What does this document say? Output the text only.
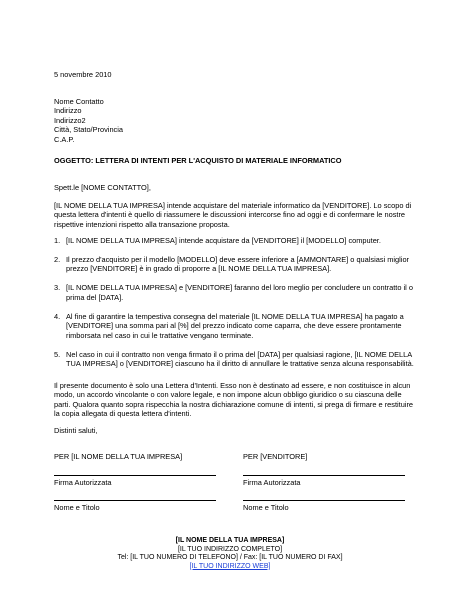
5 novembre 2010
Nome Contatto
Indirizzo
Indirizzo2
Città, Stato/Provincia
C.A.P.
OGGETTO: LETTERA DI INTENTI PER L'ACQUISTO DI MATERIALE INFORMATICO
Spett.le [NOME CONTATTO],
[IL NOME DELLA TUA IMPRESA] intende acquistare del materiale informatico da [VENDITORE]. Lo scopo di questa lettera d'intenti è quello di riassumere le discussioni intercorse fino ad oggi e di confermare le nostre rispettive intenzioni rispetto alla transazione proposta.
1. [IL NOME DELLA TUA IMPRESA] intende acquistare da [VENDITORE] il [MODELLO] computer.
2. Il prezzo d'acquisto per il modello [MODELLO] deve essere inferiore a [AMMONTARE] o qualsiasi miglior prezzo [VENDITORE] è in grado di proporre a [IL NOME DELLA TUA IMPRESA].
3. [IL NOME DELLA TUA IMPRESA] e [VENDITORE] faranno del loro meglio per concludere un contratto il o prima del [DATA].
4. Al fine di garantire la tempestiva consegna del materiale [IL NOME DELLA TUA IMPRESA] ha pagato a [VENDITORE] una somma pari al [%] del prezzo indicato come caparra, che deve essere prontamente rimborsata nel caso in cui le trattative vengano terminate.
5. Nel caso in cui il contratto non venga firmato il o prima del [DATA] per qualsiasi ragione, [IL NOME DELLA TUA IMPRESA] o [VENDITORE] ciascuno ha il diritto di annullare le trattative senza alcuna responsabilità.
Il presente documento è solo una Lettera d'Intenti. Esso non è destinato ad essere, e non costituisce in alcun modo, un accordo vincolante o con valore legale, e non impone alcun obbligo giuridico o su ciascuna delle parti. Qualora quanto sopra rispecchia la nostra dichiarazione comune di intenti, si prega di firmare e restituire la copia allegata di questa lettera d'intenti.
Distinti saluti,
PER [IL NOME DELLA TUA IMPRESA]	PER [VENDITORE]
Firma Autorizzata	Firma Autorizzata
Nome e Titolo	Nome e Titolo
[IL NOME DELLA TUA IMPRESA]
[IL TUO INDIRIZZO COMPLETO]
Tel: [IL TUO NUMERO DI TELEFONO] / Fax: [IL TUO NUMERO DI FAX]
[IL TUO INDIRIZZO WEB]
